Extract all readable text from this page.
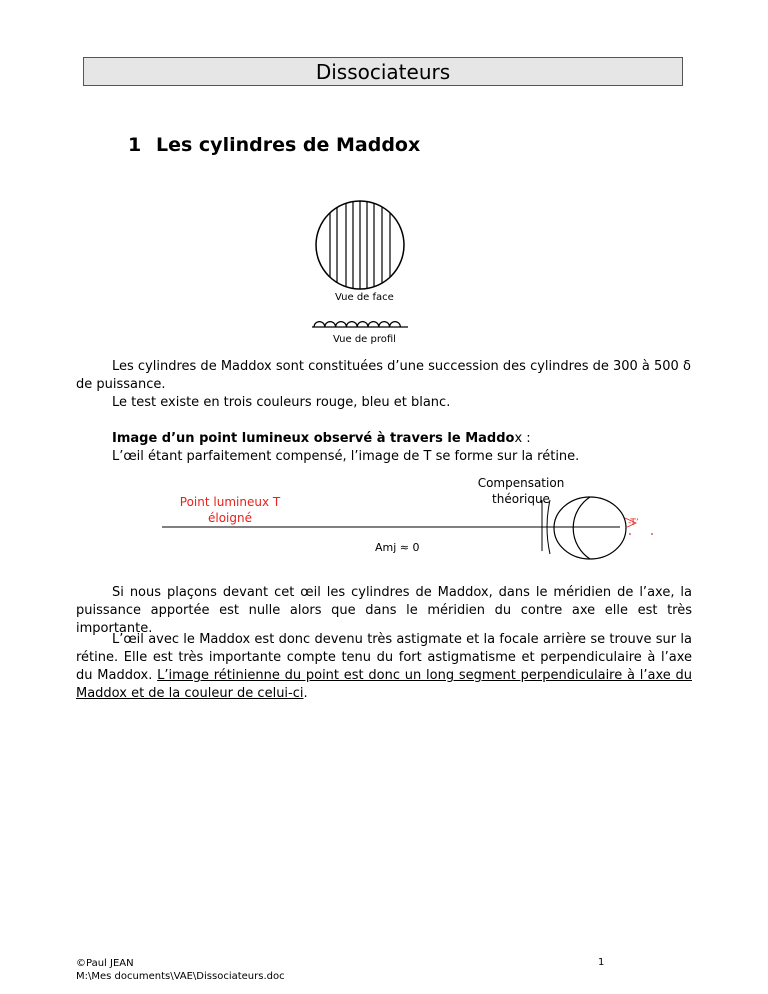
Dissociateurs
1 Les cylindres de Maddox
Vue de face
Vue de profil
Les cylindres de Maddox sont constituées d’une succession des cylindres de 300 à 500 δ de puissance.
Le test existe en trois couleurs rouge, bleu et blanc.
Image d’un point lumineux observé à travers le Maddox :
L’œil étant parfaitement compensé, l’image de T se forme sur la rétine.
Compensation théorique
Point lumineux T
éloigné	-T’
Amj ≈ 0
Si nous plaçons devant cet œil les cylindres de Maddox, dans le méridien de l’axe, la puissance apportée est nulle alors que dans le méridien du contre axe elle est très importante.
L’œil avec le Maddox est donc devenu très astigmate et la focale arrière se trouve sur la rétine. Elle est très importante compte tenu du fort astigmatisme et perpendiculaire à l’axe du Maddox. L’image rétinienne du point est donc un long segment perpendiculaire à l’axe du Maddox et de la couleur de celui-ci.
©Paul JEAN
M:\Mes documents\VAE\Dissociateurs.doc
1
